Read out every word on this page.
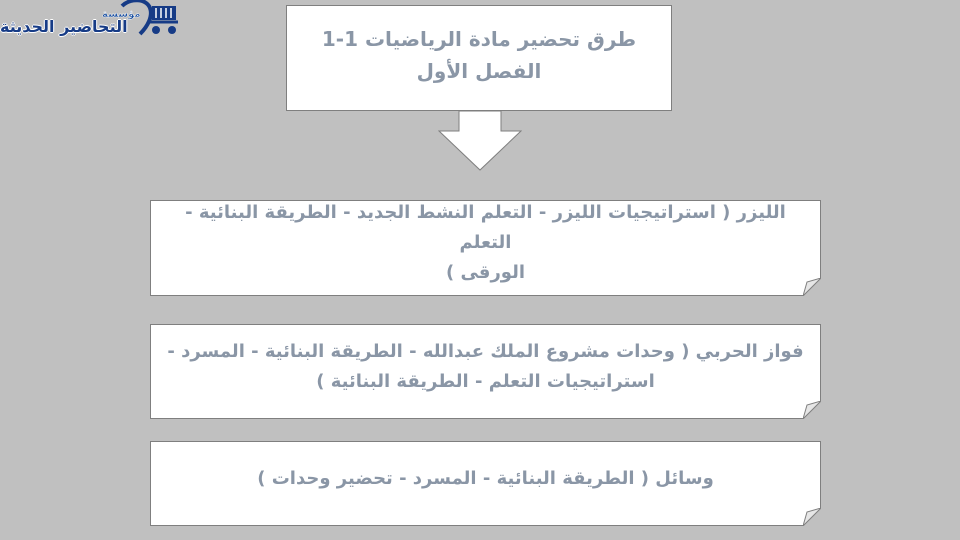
مؤسسة
التحاضير الحديثة
طرق تحضير مادة الرياضيات 1-1
الفصل الأول
الليزر ( استراتيجيات الليزر - التعلم النشط الجديد - الطريقة البنائية - التعلم
الورقى )
فواز الحربي ( وحدات مشروع الملك عبدالله - الطريقة البنائية - المسرد -
استراتيجيات التعلم - الطريقة البنائية )
وسائل ( الطريقة البنائية - المسرد - تحضير وحدات )
